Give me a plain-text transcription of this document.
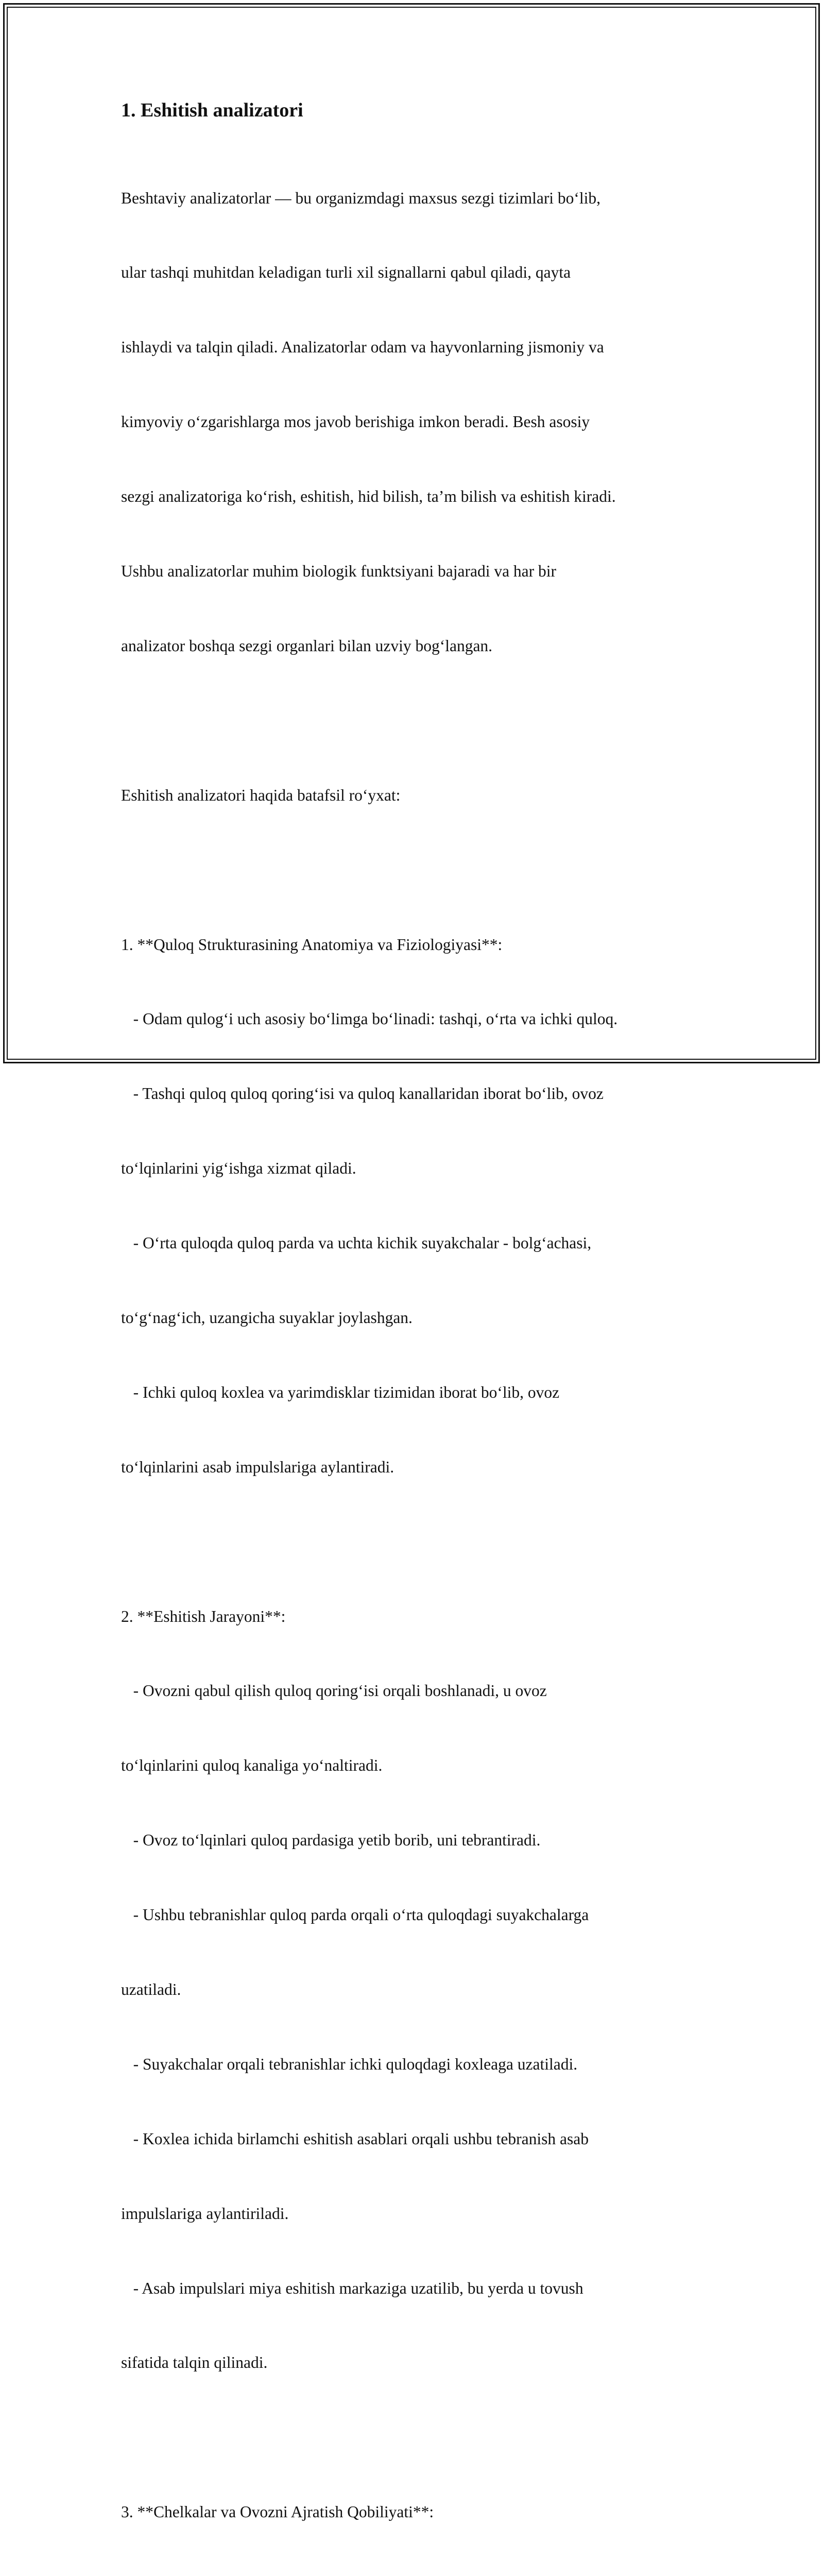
1. Eshitish analizatori

Beshtaviy analizatorlar — bu organizmdagi maxsus sezgi tizimlari bo‘lib,

ular tashqi muhitdan keladigan turli xil signallarni qabul qiladi, qayta

ishlaydi va talqin qiladi. Analizatorlar odam va hayvonlarning jismoniy va

kimyoviy o‘zgarishlarga mos javob berishiga imkon beradi. Besh asosiy

sezgi analizatoriga ko‘rish, eshitish, hid bilish, ta’m bilish va eshitish kiradi.

Ushbu analizatorlar muhim biologik funktsiyani bajaradi va har bir

analizator boshqa sezgi organlari bilan uzviy bog‘langan.

Eshitish analizatori haqida batafsil ro‘yxat:

1. **Quloq Strukturasining Anatomiya va Fiziologiyasi**:

- Odam qulog‘i uch asosiy bo‘limga bo‘linadi: tashqi, o‘rta va ichki quloq.

- Tashqi quloq quloq qoring‘isi va quloq kanallaridan iborat bo‘lib, ovoz

to‘lqinlarini yig‘ishga xizmat qiladi.

- O‘rta quloqda quloq parda va uchta kichik suyakchalar - bolg‘achasi,

to‘g‘nag‘ich, uzangicha suyaklar joylashgan.

- Ichki quloq koxlea va yarimdisklar tizimidan iborat bo‘lib, ovoz

to‘lqinlarini asab impulslariga aylantiradi.

2. **Eshitish Jarayoni**:

- Ovozni qabul qilish quloq qoring‘isi orqali boshlanadi, u ovoz

to‘lqinlarini quloq kanaliga yo‘naltiradi.

- Ovoz to‘lqinlari quloq pardasiga yetib borib, uni tebrantiradi.

- Ushbu tebranishlar quloq parda orqali o‘rta quloqdagi suyakchalarga

uzatiladi.

- Suyakchalar orqali tebranishlar ichki quloqdagi koxleaga uzatiladi.

- Koxlea ichida birlamchi eshitish asablari orqali ushbu tebranish asab

impulslariga aylantiriladi.

- Asab impulslari miya eshitish markaziga uzatilib, bu yerda u tovush

sifatida talqin qilinadi.

3. **Chelkalar va Ovozni Ajratish Qobiliyati**:
